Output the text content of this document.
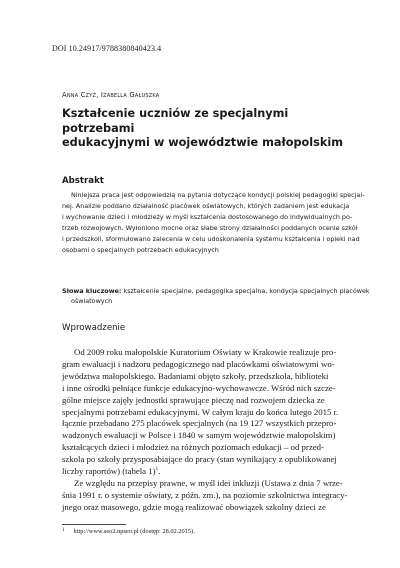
DOI 10.24917/9788380840423.4
Anna Czyż, Izabella Gałuszka
Kształcenie uczniów ze specjalnymi potrzebami
edukacyjnymi w województwie małopolskim
Abstrakt
Niniejsza praca jest odpowiedzią na pytania dotyczące kondycji polskiej pedagogiki specjal-
nej. Analizie poddano działalność placówek oświatowych, których zadaniem jest edukacja
i wychowanie dzieci i młodzieży w myśl kształcenia dostosowanego do indywidualnych po-
trzeb rozwojowych. Wyłoniono mocne oraz słabe strony działalności poddanych ocenie szkół
i przedszkoli, sformułowano zalecenia w celu udoskonalenia systemu kształcenia i opieki nad
osobami o specjalnych potrzebach edukacyjnych
Słowa kluczowe: kształcenie specjalne, pedagogika specjalna, kondycja specjalnych placówek
oświatowych
Wprowadzenie
Od 2009 roku małopolskie Kuratorium Oświaty w Krakowie realizuje pro-
gram ewaluacji i nadzoru pedagogicznego nad placówkami oświatowymi wo-
jewództwa małopolskiego. Badaniami objęto szkoły, przedszkola, biblioteki
i inne ośrodki pełniące funkcje edukacyjno-wychowawcze. Wśród nich szcze-
gólne miejsce zajęły jednostki sprawujące pieczę nad rozwojem dziecka ze
specjalnymi potrzebami edukacyjnymi. W całym kraju do końca lutego 2015 r.
łącznie przebadano 275 placówek specjalnych (na 19 127 wszystkich przepro-
wadzonych ewaluacji w Polsce i 1840 w samym województwie małopolskim)
kształcących dzieci i młodzież na różnych poziomach edukacji – od przed-
szkola po szkoły przysposabiające do pracy (stan wynikający z opublikowanej
liczby raportów) (tabela 1)$^1$.
Ze względu na przepisy prawne, w myśl idei inkluzji (Ustawa z dnia 7 wrze-
śnia 1991 r. o systemie oświaty, z późn. zm.), na poziomie szkolnictwa integracy-
jnego oraz masowego, gdzie mogą realizować obowiązek szkolny dzieci ze
$^1$ http://www.seo2.npseo.pl (dostęp: 28.02.2015).
